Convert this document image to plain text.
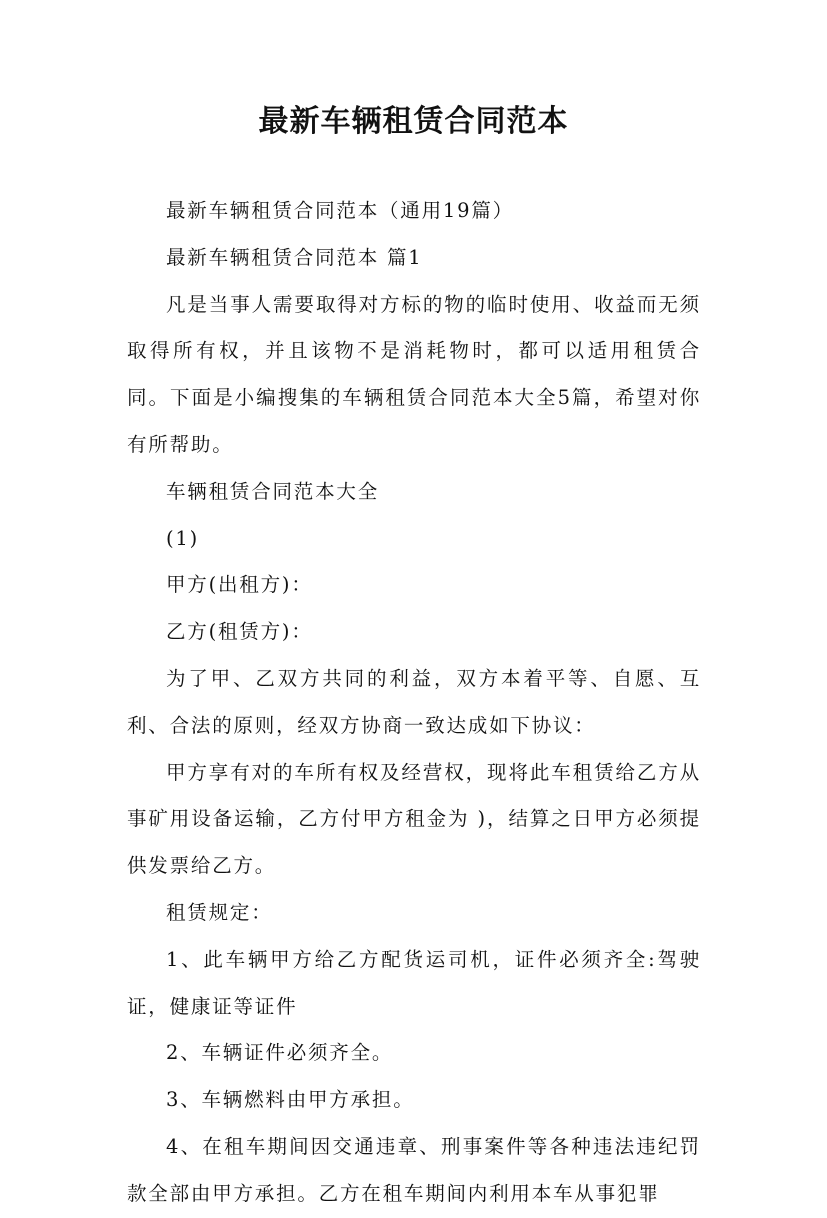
最新车辆租赁合同范本

最新车辆租赁合同范本（通用19篇）

最新车辆租赁合同范本 篇1

凡是当事人需要取得对方标的物的临时使用、收益而无须取得所有权，并且该物不是消耗物时，都可以适用租赁合同。下面是小编搜集的车辆租赁合同范本大全5篇，希望对你有所帮助。

车辆租赁合同范本大全

(1)

甲方(出租方)：

乙方(租赁方)：

为了甲、乙双方共同的利益，双方本着平等、自愿、互利、合法的原则，经双方协商一致达成如下协议：

甲方享有对的车所有权及经营权，现将此车租赁给乙方从事矿用设备运输，乙方付甲方租金为 )，结算之日甲方必须提供发票给乙方。

租赁规定：

1、此车辆甲方给乙方配货运司机，证件必须齐全:驾驶证，健康证等证件

2、车辆证件必须齐全。

3、车辆燃料由甲方承担。

4、在租车期间因交通违章、刑事案件等各种违法违纪罚款全部由甲方承担。乙方在租车期间内利用本车从事犯罪
